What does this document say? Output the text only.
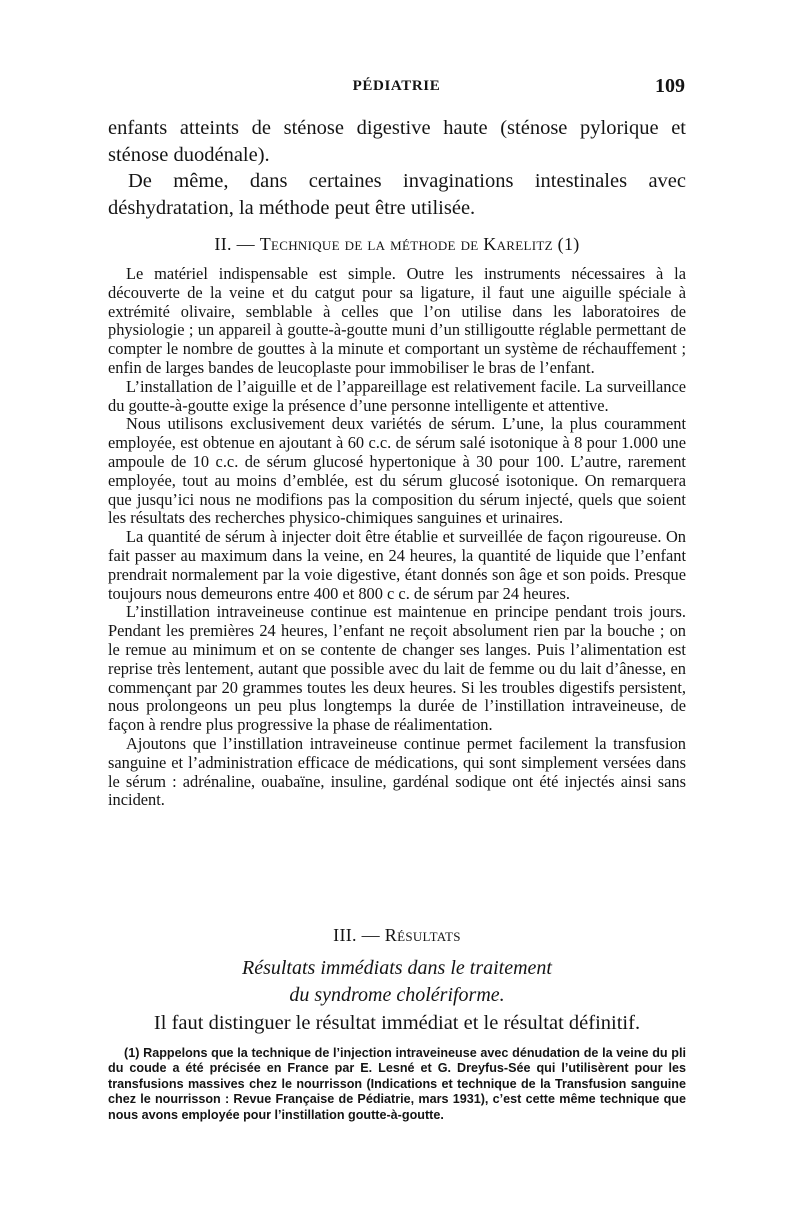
PÉDIATRIE	109

enfants atteints de sténose digestive haute (sténose pylorique et sténose duodénale).

De même, dans certaines invaginations intestinales avec déshydratation, la méthode peut être utilisée.

II. — Technique de la méthode de Karelitz (1)

Le matériel indispensable est simple. Outre les instruments nécessaires à la découverte de la veine et du catgut pour sa ligature, il faut une aiguille spéciale à extrémité olivaire, semblable à celles que l’on utilise dans les laboratoires de physiologie ; un appareil à goutte-à-goutte muni d’un stilligoutte réglable permettant de compter le nombre de gouttes à la minute et comportant un système de réchauffement ; enfin de larges bandes de leucoplaste pour immobiliser le bras de l’enfant.

L’installation de l’aiguille et de l’appareillage est relativement facile. La surveillance du goutte-à-goutte exige la présence d’une personne intelligente et attentive.

Nous utilisons exclusivement deux variétés de sérum. L’une, la plus couramment employée, est obtenue en ajoutant à 60 c.c. de sérum salé isotonique à 8 pour 1.000 une ampoule de 10 c.c. de sérum glucosé hypertonique à 30 pour 100. L’autre, rarement employée, tout au moins d’emblée, est du sérum glucosé isotonique. On remarquera que jusqu’ici nous ne modifions pas la composition du sérum injecté, quels que soient les résultats des recherches physico-chimiques sanguines et urinaires.

La quantité de sérum à injecter doit être établie et surveillée de façon rigoureuse. On fait passer au maximum dans la veine, en 24 heures, la quantité de liquide que l’enfant prendrait normalement par la voie digestive, étant donnés son âge et son poids. Presque toujours nous demeurons entre 400 et 800 c c. de sérum par 24 heures.

L’instillation intraveineuse continue est maintenue en principe pendant trois jours. Pendant les premières 24 heures, l’enfant ne reçoit absolument rien par la bouche ; on le remue au minimum et on se contente de changer ses langes. Puis l’alimentation est reprise très lentement, autant que possible avec du lait de femme ou du lait d’ânesse, en commençant par 20 grammes toutes les deux heures. Si les troubles digestifs persistent, nous prolongeons un peu plus longtemps la durée de l’instillation intraveineuse, de façon à rendre plus progressive la phase de réalimentation.

Ajoutons que l’instillation intraveineuse continue permet facilement la transfusion sanguine et l’administration efficace de médications, qui sont simplement versées dans le sérum : adrénaline, ouabaïne, insuline, gardénal sodique ont été injectés ainsi sans incident.

III. — Résultats
Résultats immédiats dans le traitement
du syndrome cholériforme.
Il faut distinguer le résultat immédiat et le résultat définitif.

(1) Rappelons que la technique de l’injection intraveineuse avec dénudation de la veine du pli du coude a été précisée en France par E. Lesné et G. Dreyfus-Sée qui l’utilisèrent pour les transfusions massives chez le nourrisson (Indications et technique de la Transfusion sanguine chez le nourrisson : Revue Française de Pédiatrie, mars 1931), c’est cette même technique que nous avons employée pour l’instillation goutte-à-goutte.
